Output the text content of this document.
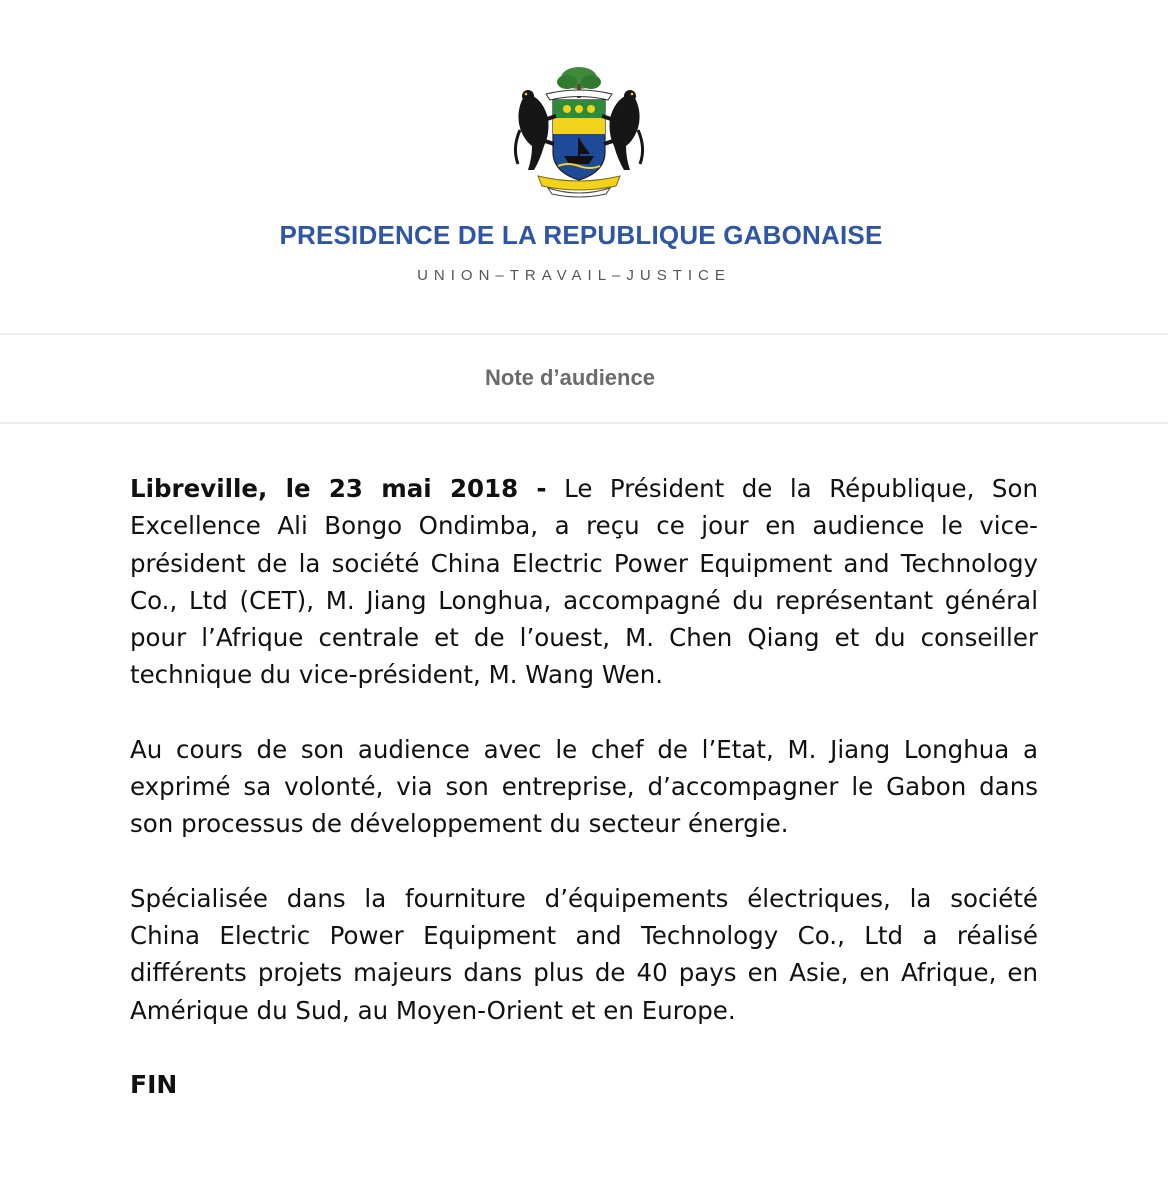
PRESIDENCE DE LA REPUBLIQUE GABONAISE
UNION–TRAVAIL–JUSTICE
Note d’audience

Libreville, le 23 mai 2018 - Le Président de la République, Son Excellence Ali Bongo Ondimba, a reçu ce jour en audience le vice-président de la société China Electric Power Equipment and Technology Co., Ltd (CET), M. Jiang Longhua, accompagné du représentant général pour l’Afrique centrale et de l’ouest, M. Chen Qiang et du conseiller technique du vice-président, M. Wang Wen.

Au cours de son audience avec le chef de l’Etat, M. Jiang Longhua a exprimé sa volonté, via son entreprise, d’accompagner le Gabon dans son processus de développement du secteur énergie.

Spécialisée dans la fourniture d’équipements électriques, la société China Electric Power Equipment and Technology Co., Ltd a réalisé différents projets majeurs dans plus de 40 pays en Asie, en Afrique, en Amérique du Sud, au Moyen-Orient et en Europe.

FIN
